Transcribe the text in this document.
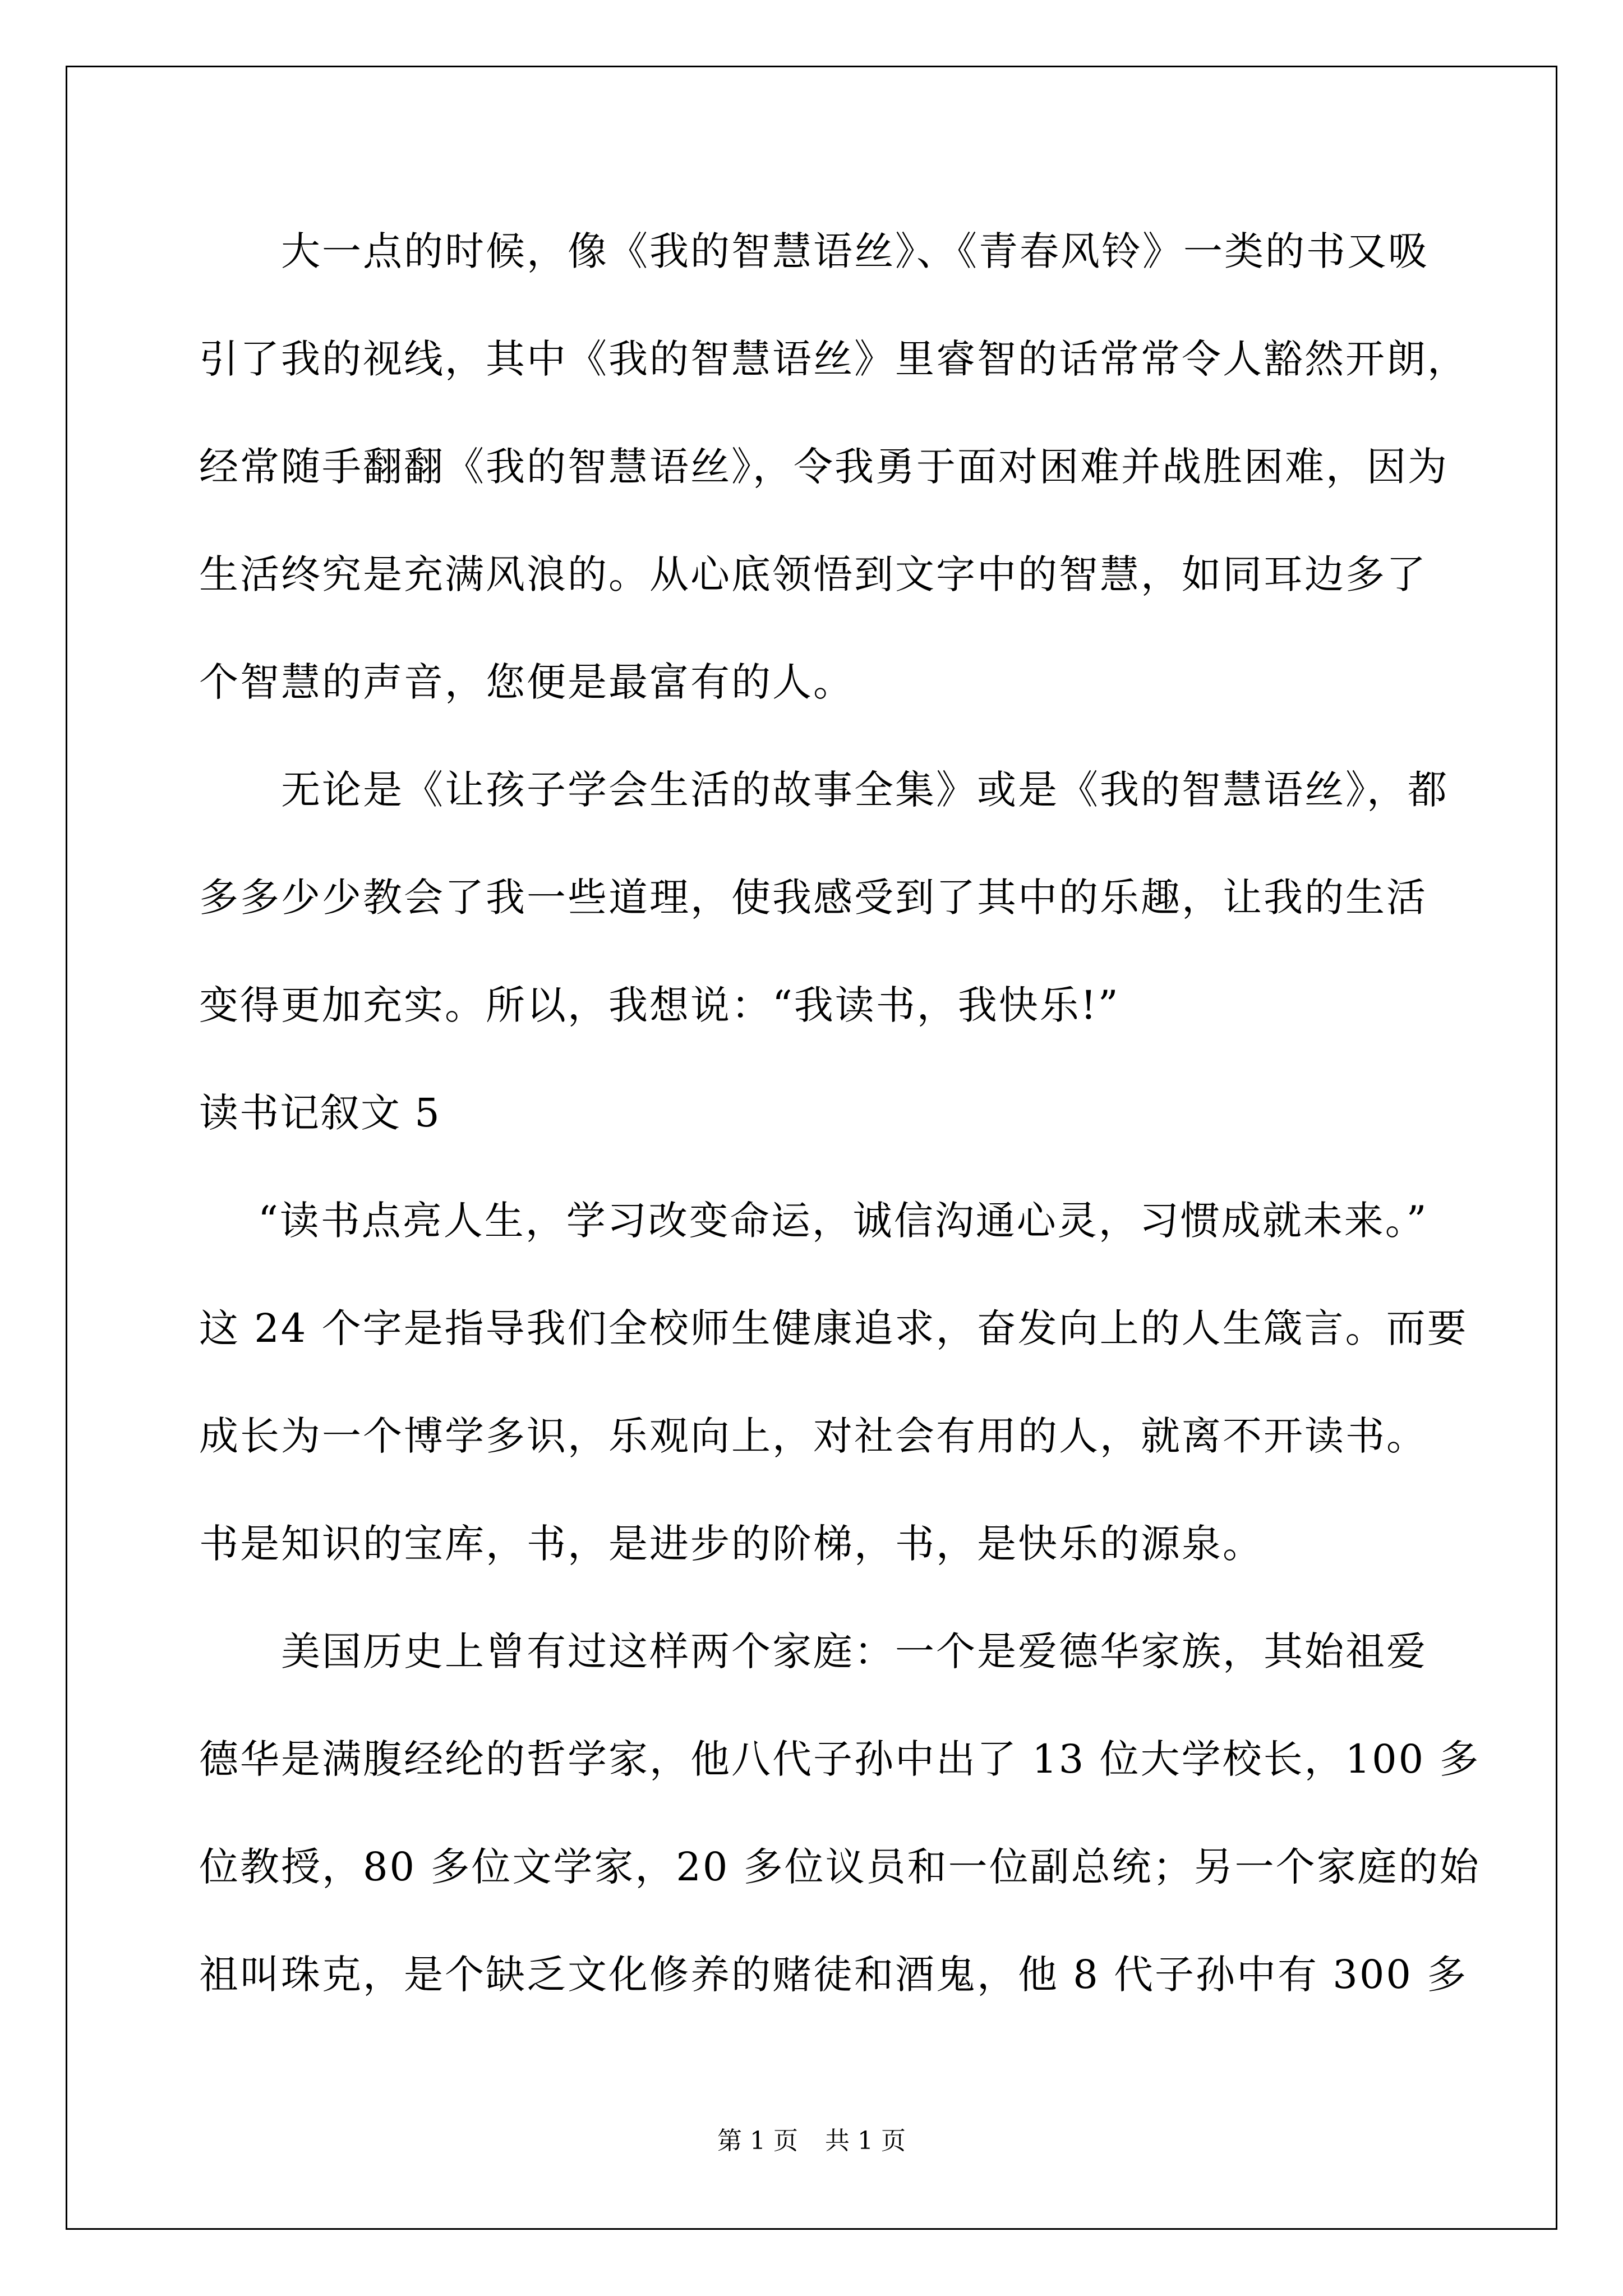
大一点的时候，像《我的智慧语丝》、《青春风铃》一类的书又吸
引了我的视线，其中《我的智慧语丝》里睿智的话常常令人豁然开朗，
经常随手翻翻《我的智慧语丝》，令我勇于面对困难并战胜困难，因为
生活终究是充满风浪的。从心底领悟到文字中的智慧，如同耳边多了
个智慧的声音，您便是最富有的人。
无论是《让孩子学会生活的故事全集》或是《我的智慧语丝》，都
多多少少教会了我一些道理，使我感受到了其中的乐趣，让我的生活
变得更加充实。所以，我想说：“我读书，我快乐!”
读书记叙文 5
“读书点亮人生，学习改变命运，诚信沟通心灵，习惯成就未来。”
这 24 个字是指导我们全校师生健康追求，奋发向上的人生箴言。而要
成长为一个博学多识，乐观向上，对社会有用的人，就离不开读书。
书是知识的宝库，书，是进步的阶梯，书，是快乐的源泉。
美国历史上曾有过这样两个家庭：一个是爱德华家族，其始祖爱
德华是满腹经纶的哲学家，他八代子孙中出了 13 位大学校长，100 多
位教授，80 多位文学家，20 多位议员和一位副总统；另一个家庭的始
祖叫珠克，是个缺乏文化修养的赌徒和酒鬼，他 8 代子孙中有 300 多
第 1 页 共 1 页
